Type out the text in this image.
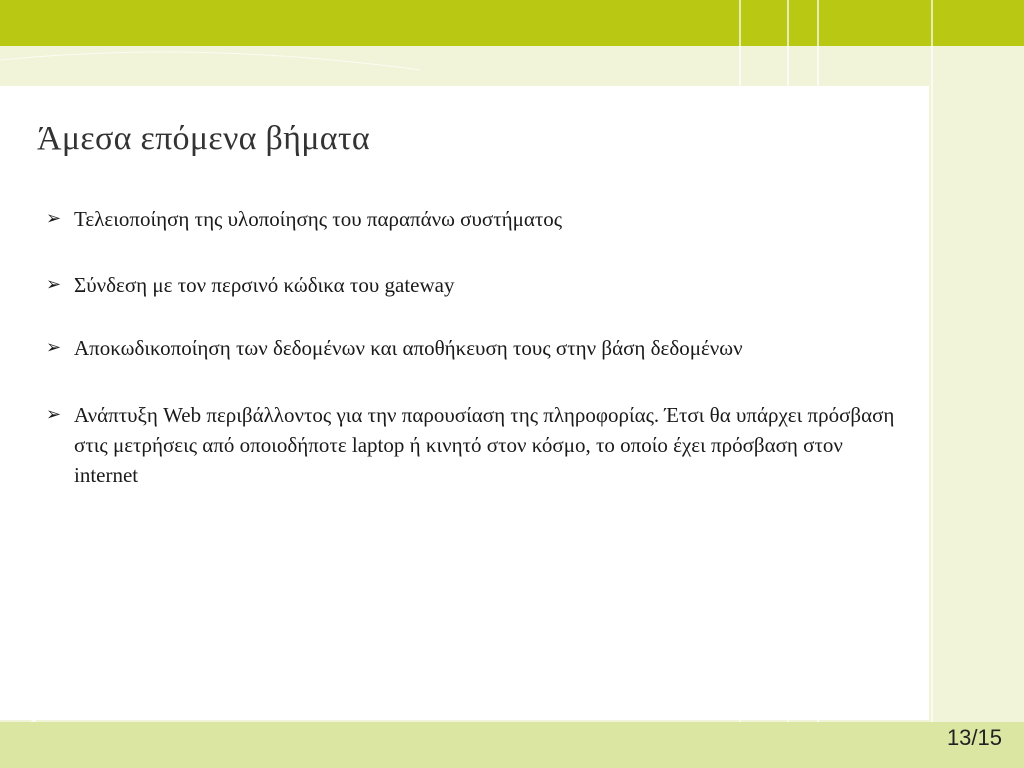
Άμεσα επόμενα βήματα
➢ Τελειοποίηση της υλοποίησης του παραπάνω συστήματος
➢ Σύνδεση με τον περσινό κώδικα του gateway
➢ Αποκωδικοποίηση των δεδομένων και αποθήκευση τους στην βάση δεδομένων
➢ Ανάπτυξη Web περιβάλλοντος για την παρουσίαση της πληροφορίας. Έτσι θα υπάρχει πρόσβαση στις μετρήσεις από οποιοδήποτε laptop ή κινητό στον κόσμο, το οποίο έχει πρόσβαση στον internet
13/15
